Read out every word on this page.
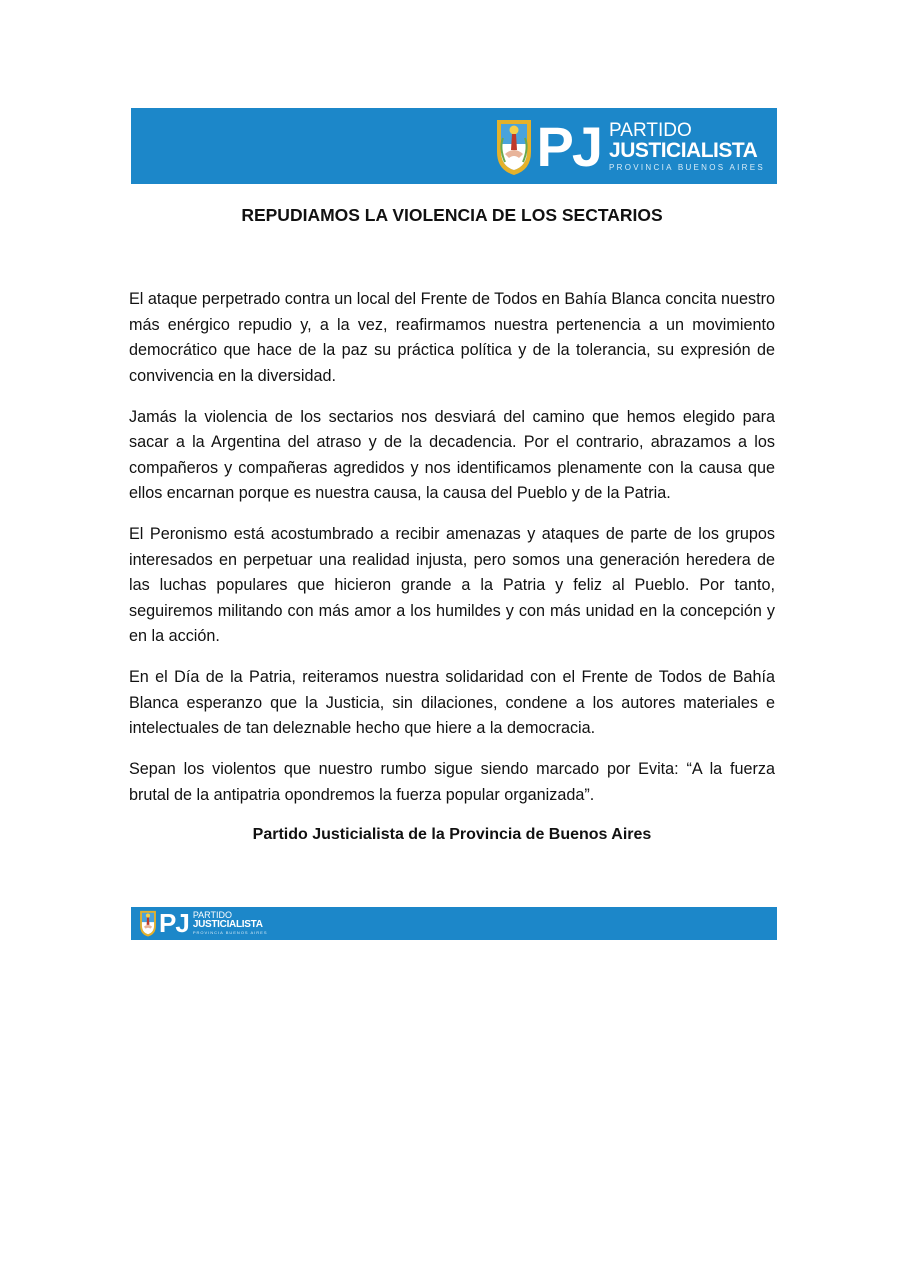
PJ PARTIDO
JUSTICIALISTA
PROVINCIA BUENOS AIRES
REPUDIAMOS LA VIOLENCIA DE LOS SECTARIOS

El ataque perpetrado contra un local del Frente de Todos en Bahía Blanca concita nuestro más enérgico repudio y, a la vez, reafirmamos nuestra pertenencia a un movimiento democrático que hace de la paz su práctica política y de la tolerancia, su expresión de convivencia en la diversidad.

Jamás la violencia de los sectarios nos desviará del camino que hemos elegido para sacar a la Argentina del atraso y de la decadencia. Por el contrario, abrazamos a los compañeros y compañeras agredidos y nos identificamos plenamente con la causa que ellos encarnan porque es nuestra causa, la causa del Pueblo y de la Patria.

El Peronismo está acostumbrado a recibir amenazas y ataques de parte de los grupos interesados en perpetuar una realidad injusta, pero somos una generación heredera de las luchas populares que hicieron grande a la Patria y feliz al Pueblo. Por tanto, seguiremos militando con más amor a los humildes y con más unidad en la concepción y en la acción.

En el Día de la Patria, reiteramos nuestra solidaridad con el Frente de Todos de Bahía Blanca esperanzo que la Justicia, sin dilaciones, condene a los autores materiales e intelectuales de tan deleznable hecho que hiere a la democracia.

Sepan los violentos que nuestro rumbo sigue siendo marcado por Evita: “A la fuerza brutal de la antipatria opondremos la fuerza popular organizada”.

Partido Justicialista de la Provincia de Buenos Aires

PJ PARTIDO
JUSTICIALISTA
PROVINCIA BUENOS AIRES
